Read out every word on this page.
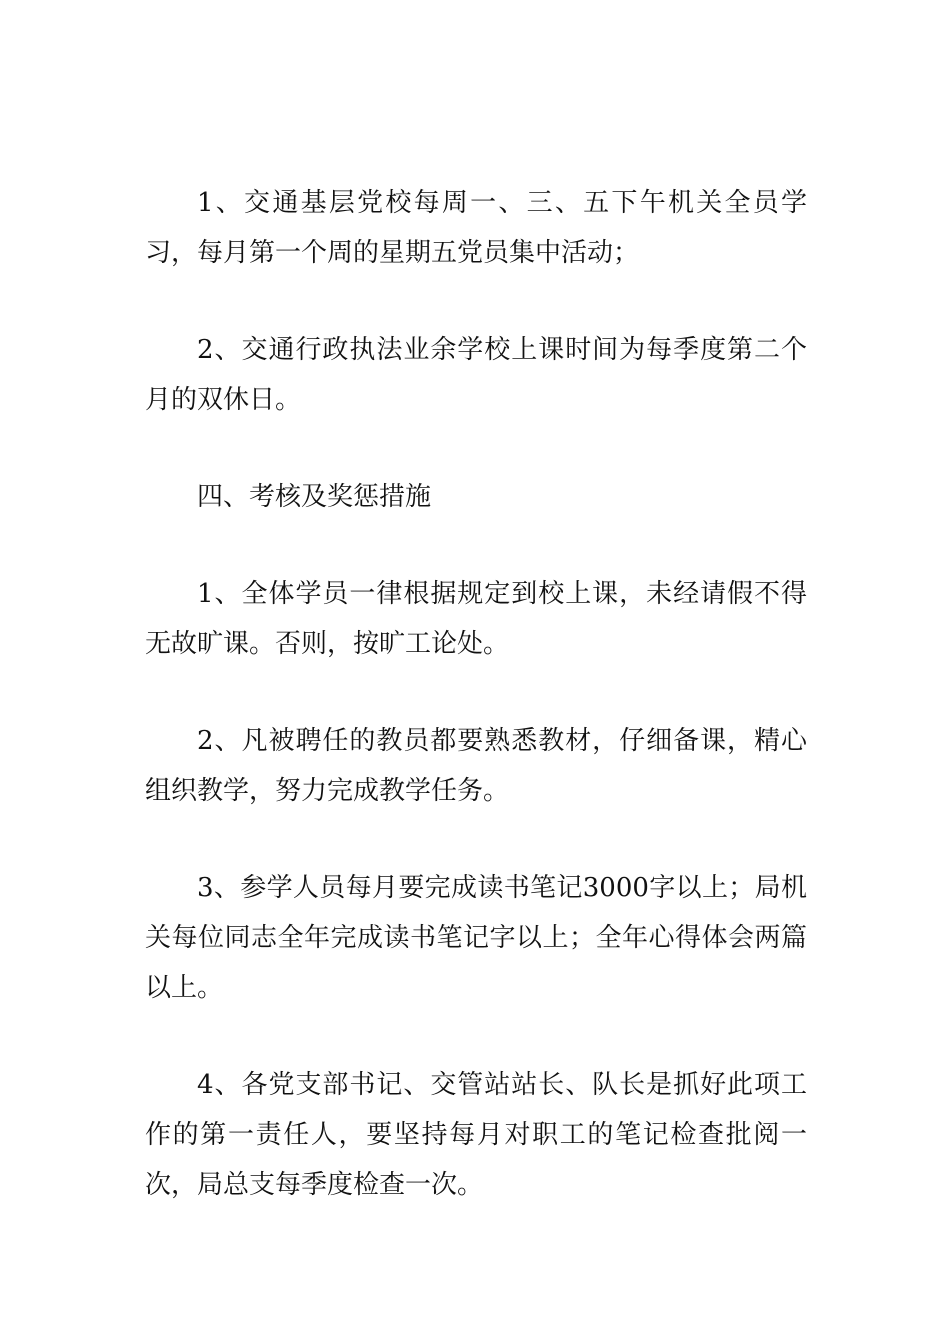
1、交通基层党校每周一、三、五下午机关全员学习，每月第一个周的星期五党员集中活动；

2、交通行政执法业余学校上课时间为每季度第二个月的双休日。

四、考核及奖惩措施

1、全体学员一律根据规定到校上课，未经请假不得无故旷课。否则，按旷工论处。

2、凡被聘任的教员都要熟悉教材，仔细备课，精心组织教学，努力完成教学任务。

3、参学人员每月要完成读书笔记3000字以上；局机关每位同志全年完成读书笔记字以上；全年心得体会两篇以上。

4、各党支部书记、交管站站长、队长是抓好此项工作的第一责任人，要坚持每月对职工的笔记检查批阅一次，局总支每季度检查一次。
